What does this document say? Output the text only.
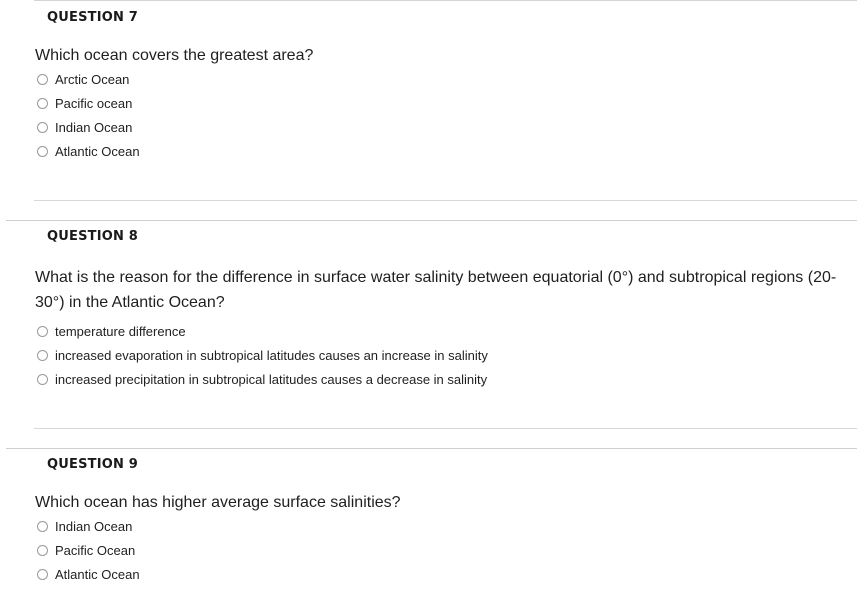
QUESTION 7
Which ocean covers the greatest area?
Arctic Ocean
Pacific ocean
Indian Ocean
Atlantic Ocean
QUESTION 8
What is the reason for the difference in surface water salinity between equatorial (0°) and subtropical regions (20-30°) in the Atlantic Ocean?
temperature difference
increased evaporation in subtropical latitudes causes an increase in salinity
increased precipitation in subtropical latitudes causes a decrease in salinity
QUESTION 9
Which ocean has higher average surface salinities?
Indian Ocean
Pacific Ocean
Atlantic Ocean
